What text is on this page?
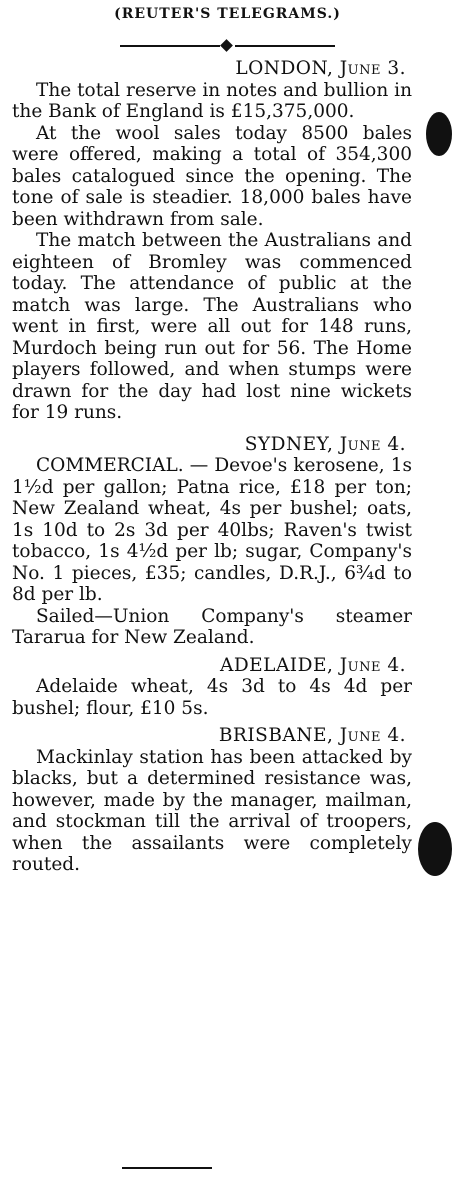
(REUTER'S TELEGRAMS.)

LONDON, June 3.

The total reserve in notes and bullion in the Bank of England is £15,375,000.

At the wool sales today 8500 bales were offered, making a total of 354,300 bales catalogued since the opening. The tone of sale is steadier. 18,000 bales have been withdrawn from sale.

The match between the Australians and eighteen of Bromley was commenced today. The attendance of public at the match was large. The Australians who went in first, were all out for 148 runs, Murdoch being run out for 56. The Home players followed, and when stumps were drawn for the day had lost nine wickets for 19 runs.

SYDNEY, June 4.

COMMERCIAL. — Devoe's kerosene, 1s 1½d per gallon; Patna rice, £18 per ton; New Zealand wheat, 4s per bushel; oats, 1s 10d to 2s 3d per 40lbs; Raven's twist tobacco, 1s 4½d per lb; sugar, Company's No. 1 pieces, £35; candles, D.R.J., 6¾d to 8d per lb.

Sailed—Union Company's steamer Tararua for New Zealand.

ADELAIDE, June 4.

Adelaide wheat, 4s 3d to 4s 4d per bushel; flour, £10 5s.

BRISBANE, June 4.

Mackinlay station has been attacked by blacks, but a determined resistance was, however, made by the manager, mailman, and stockman till the arrival of troopers, when the assailants were completely routed.
